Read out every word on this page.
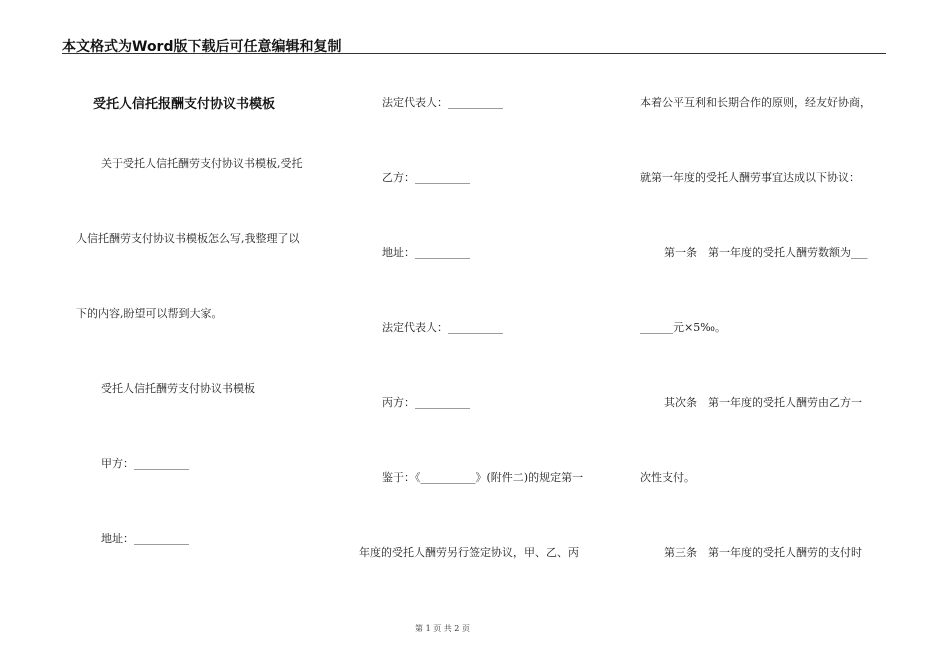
本文格式为Word版下载后可任意编辑和复制
受托人信托报酬支付协议书模板
关于受托人信托酬劳支付协议书模板,受托
人信托酬劳支付协议书模板怎么写,我整理了以
下的内容,盼望可以帮到大家。
受托人信托酬劳支付协议书模板
甲方：__________
地址：__________
法定代表人：__________
乙方：__________
地址：__________
法定代表人：__________
丙方：__________
鉴于：《__________》(附件二)的规定第一
年度的受托人酬劳另行签定协议，甲、乙、丙
本着公平互利和长期合作的原则，经友好协商，
就第一年度的受托人酬劳事宜达成以下协议：
第一条　第一年度的受托人酬劳数额为___
______元×5‰。
其次条　第一年度的受托人酬劳由乙方一
次性支付。
第三条　第一年度的受托人酬劳的支付时
第 1 页 共 2 页
